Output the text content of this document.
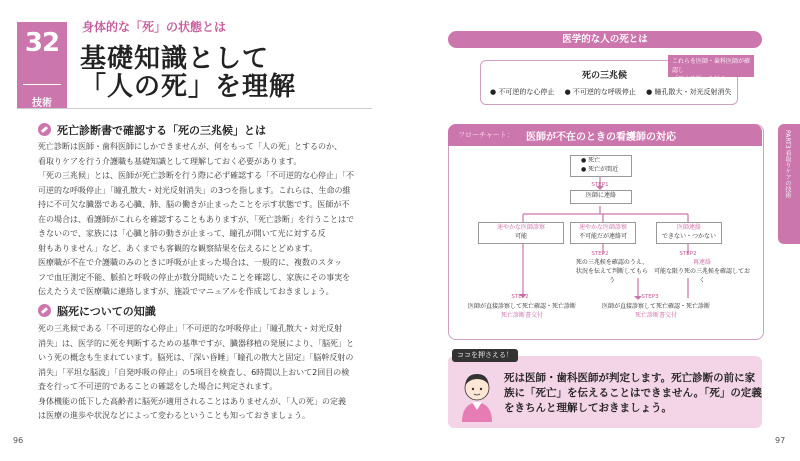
32
技術
身体的な「死」の状態とは
基礎知識として
「人の死」を理解
死亡診断書で確認する「死の三兆候」とは
死亡診断は医師・歯科医師にしかできませんが、何をもって「人の死」とするのか、
看取りケアを行う介護職も基礎知識として理解しておく必要があります。
「死の三兆候」とは、医師が死亡診断を行う際に必ず確認する「不可逆的な心停止」「不
可逆的な呼吸停止」「瞳孔散大・対光反射消失」の3つを指します。これらは、生命の維
持に不可欠な臓器である心臓、肺、脳の働きが止まったことを示す状態です。医師が不
在の場合は、看護師がこれらを確認することもありますが、「死亡診断」を行うことはで
きないので、家族には「心臓と肺の動きが止まって、瞳孔が開いて光に対する反
射もありません」など、あくまでも客観的な観察結果を伝えるにとどめます。
医療職が不在で介護職のみのときに呼吸が止まった場合は、一般的に、複数のスタッ
フで血圧測定不能、脈拍と呼吸の停止が数分間続いたことを確認し、家族にその事実を
伝えたうえで医療職に連絡しますが、施設でマニュアルを作成しておきましょう。
脳死についての知識
死の三兆候である「不可逆的な心停止」「不可逆的な呼吸停止」「瞳孔散大・対光反射
消失」は、医学的に死を判断するための基準ですが、臓器移植の発展により、「脳死」と
いう死の概念も生まれています。脳死は、「深い昏睡」「瞳孔の散大と固定」「脳幹反射の
消失」「平坦な脳波」「自発呼吸の停止」の5項目を検査し、6時間以上おいて2回目の検
査を行って不可逆的であることの確認をした場合に判定されます。
身体機能の低下した高齢者に脳死が適用されることはありませんが、「人の死」の定義
は医療の進歩や状況などによって変わるということも知っておきましょう。
96
医学的な人の死とは
死の三兆候
● 不可逆的な心停止 ● 不可逆的な呼吸停止 ● 瞳孔散大・対光反射消失
これらを医師・歯科医師が確認し
「死亡診断」を行う
フローチャート： 医師が不在のときの看護師の対応
● 死亡
● 死亡が間近
STEP1
医師に連絡
速やかな医師診察
可能
速やかな医師診察
不可能だが連絡可
医師連絡
できない・つかない
STEP2	STEP2
死の三兆候を確認のうえ、
状況を伝えて判断してもらう
再連絡
可能な限り死の三兆候を確認しておく
STEP2
医師が直接診察して死亡確認・死亡診断
死亡診断書交付
STEP3
医師が直接診察して死亡確認・死亡診断
死亡診断書交付
PART3 看取りケアの技術
ココを押さえる！
死は医師・歯科医師が判定します。死亡診断の前に家
族に「死亡」を伝えることはできません。「死」の定義
をきちんと理解しておきましょう。
97
